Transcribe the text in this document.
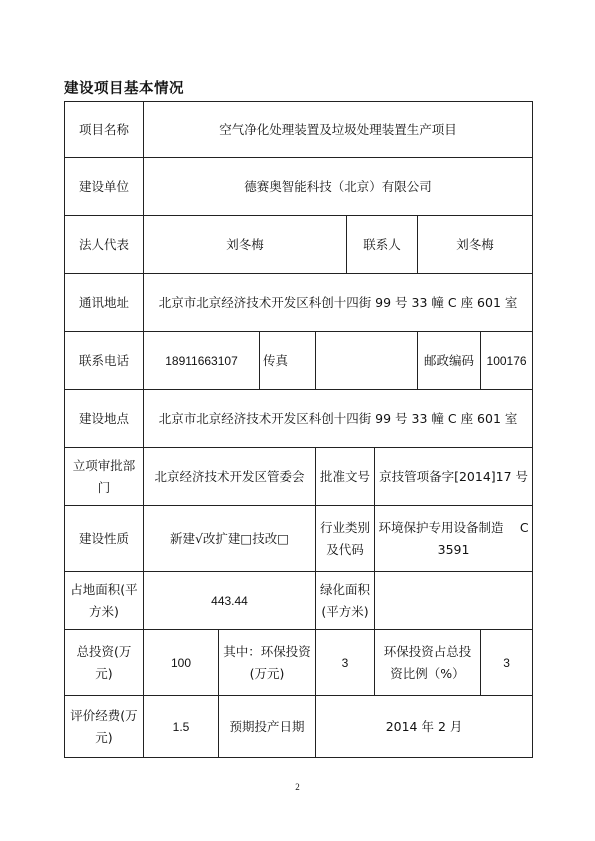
建设项目基本情况
项目名称	空气净化处理装置及垃圾处理装置生产项目							
建设单位	德赛奥智能科技（北京）有限公司							
法人代表	刘冬梅				联系人		刘冬梅	
通讯地址	北京市北京经济技术开发区科创十四街 99 号 33 幢 C 座 601 室							
联系电话	18911663107		传真				邮政编码	100176
建设地点	北京市北京经济技术开发区科创十四街 99 号 33 幢 C 座 601 室							
立项审批部门	北京经济技术开发区管委会			批准文号		京技管项备字[2014]17 号		
建设性质	新建√改扩建□技改□			行业类别及代码		环境保护专用设备制造　 C 3591		
占地面积(平方米)	443.44			绿化面积(平方米)				
总投资(万元)	100	其中：环保投资(万元)		3		环保投资占总投资比例（%）		3
评价经费(万元)	1.5	预期投产日期		2014 年 2 月				
2
